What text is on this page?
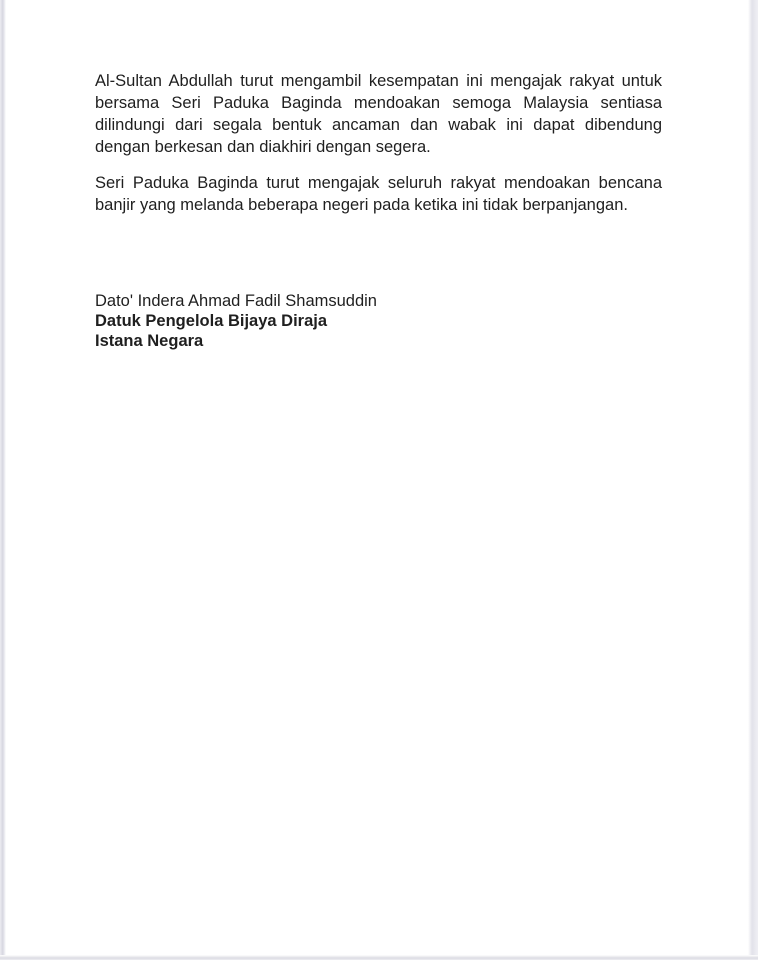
Al-Sultan Abdullah turut mengambil kesempatan ini mengajak rakyat untuk bersama Seri Paduka Baginda mendoakan semoga Malaysia sentiasa dilindungi dari segala bentuk ancaman dan wabak ini dapat dibendung dengan berkesan dan diakhiri dengan segera.

Seri Paduka Baginda turut mengajak seluruh rakyat mendoakan bencana banjir yang melanda beberapa negeri pada ketika ini tidak berpanjangan.

Dato' Indera Ahmad Fadil Shamsuddin
Datuk Pengelola Bijaya Diraja
Istana Negara
